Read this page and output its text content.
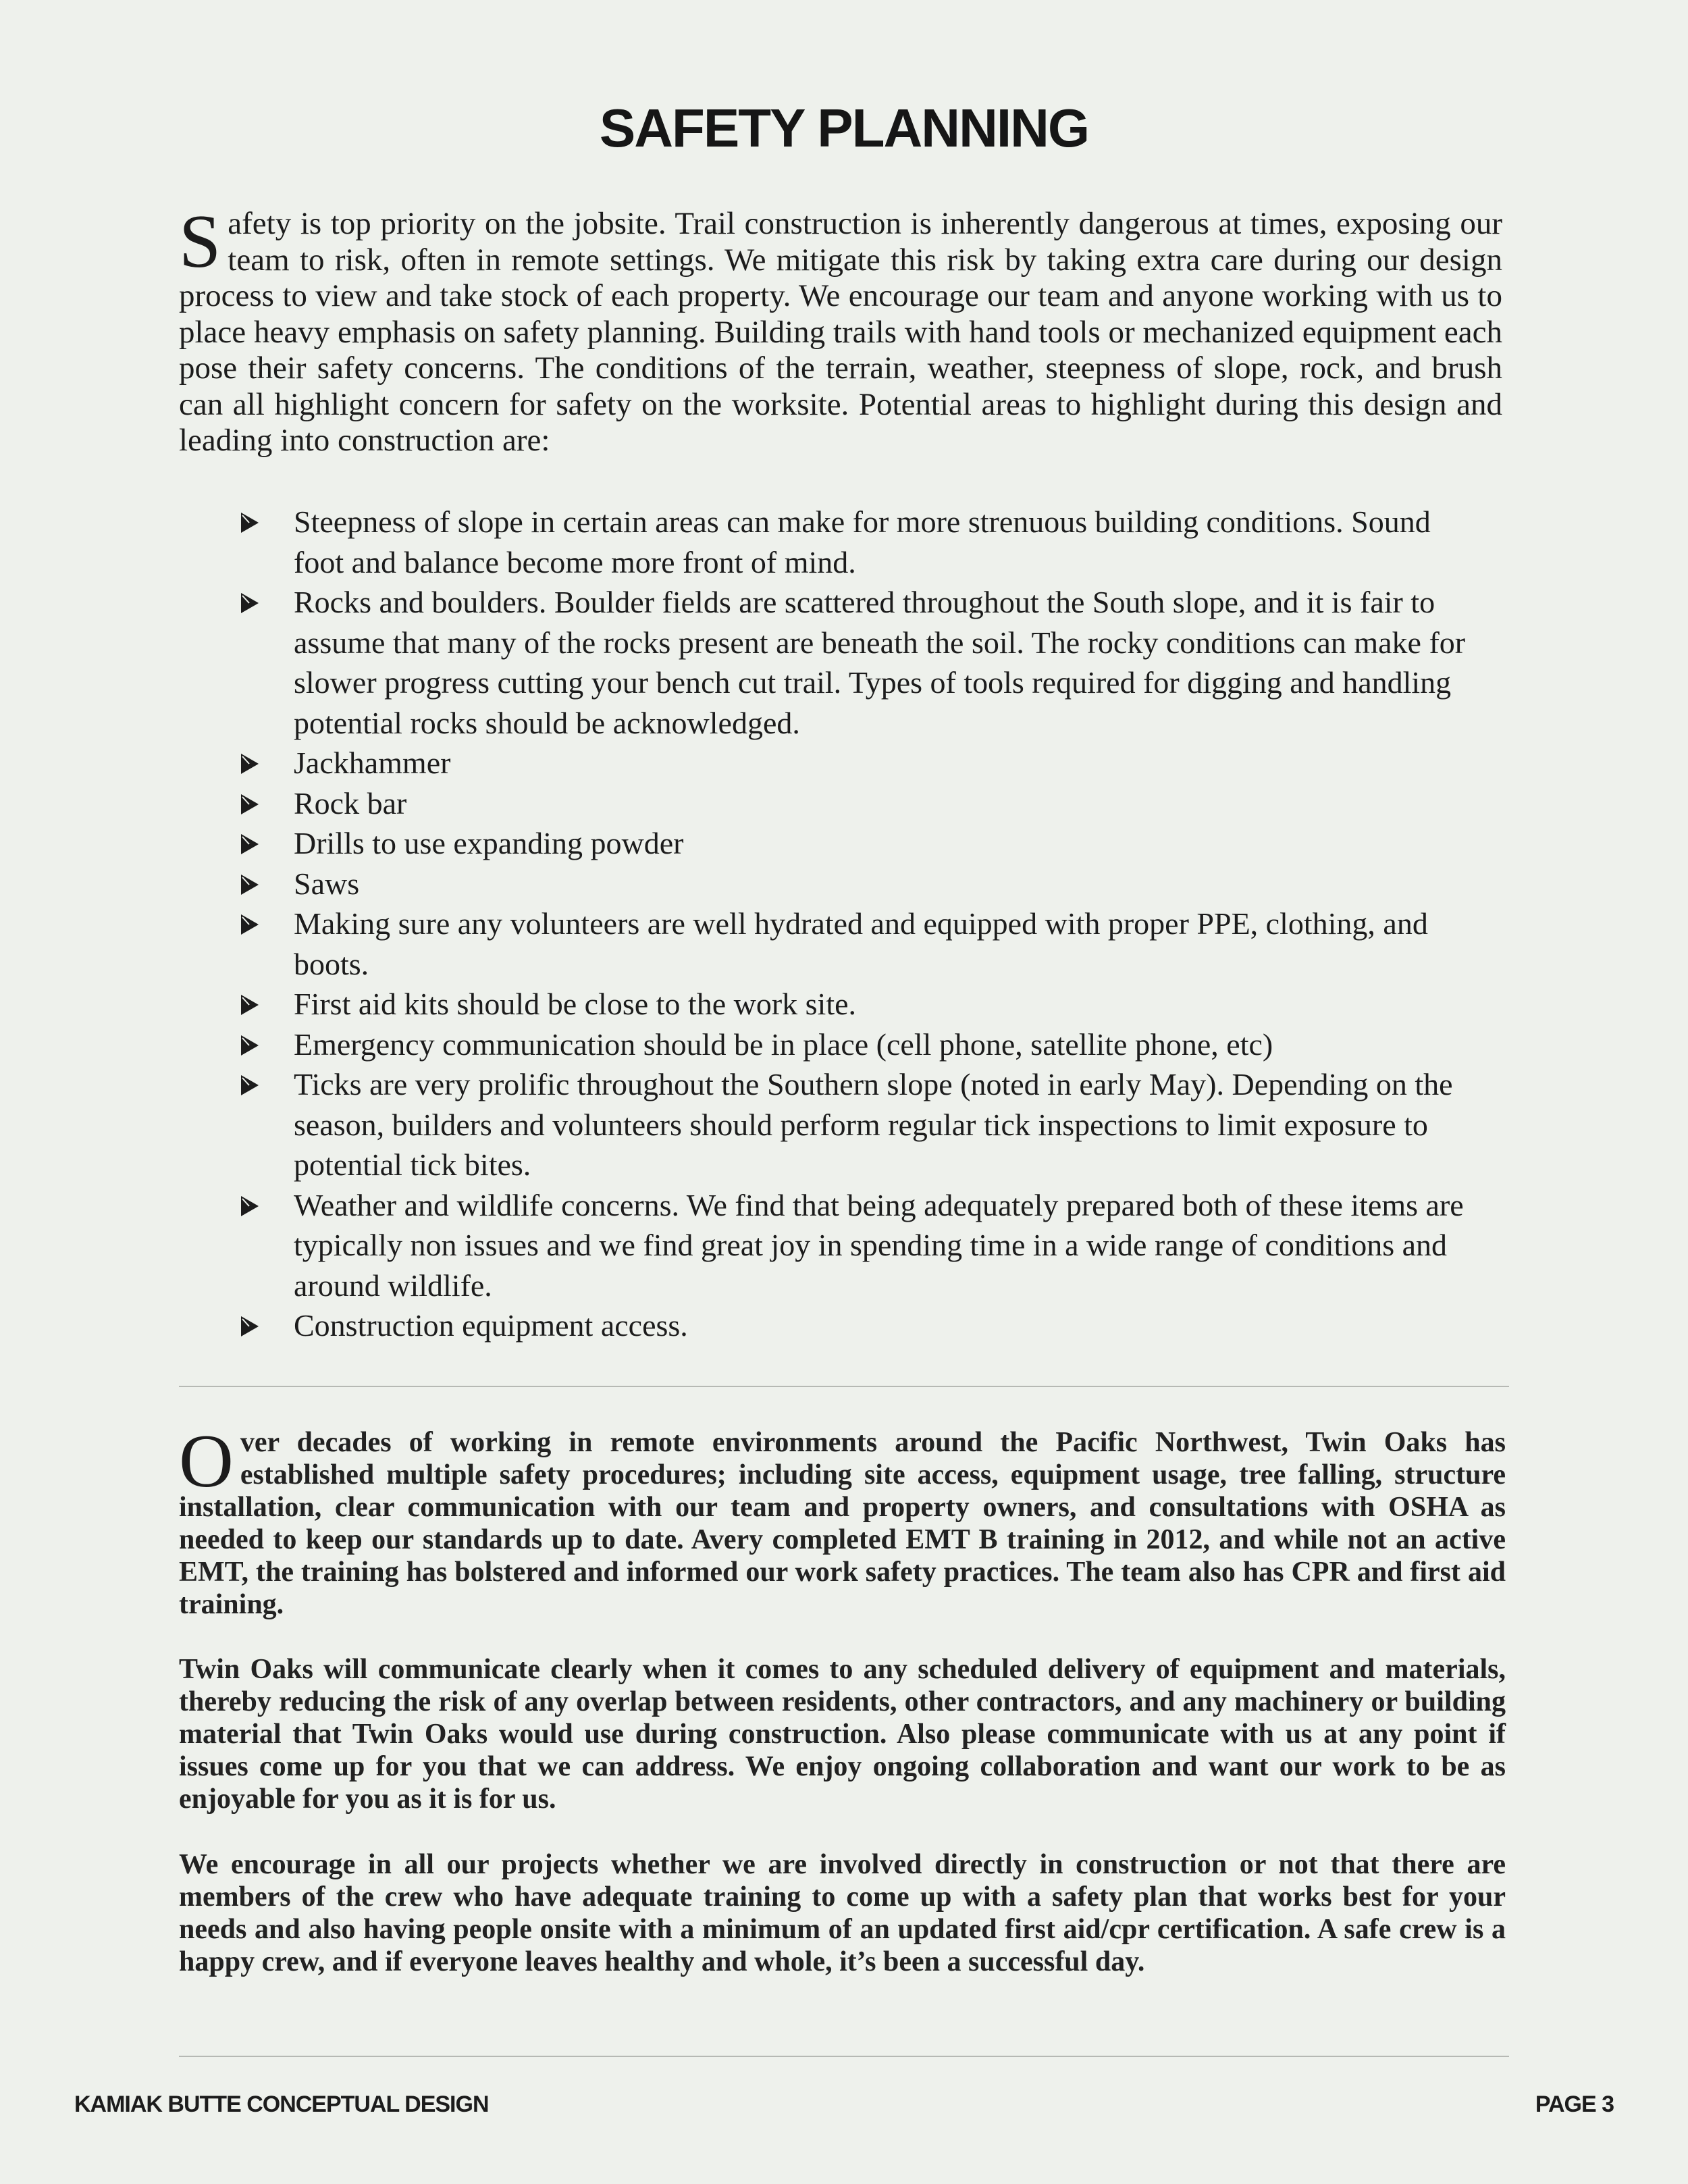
SAFETY PLANNING

Safety is top priority on the jobsite. Trail construction is inherently dangerous at times, exposing our team to risk, often in remote settings. We mitigate this risk by taking extra care during our design process to view and take stock of each property. We encourage our team and anyone working with us to place heavy emphasis on safety planning. Building trails with hand tools or mechanized equipment each pose their safety concerns. The conditions of the terrain, weather, steepness of slope, rock, and brush can all highlight concern for safety on the worksite. Potential areas to highlight during this design and leading into construction are:

Steepness of slope in certain areas can make for more strenuous building conditions. Sound foot and balance become more front of mind.
Rocks and boulders. Boulder fields are scattered throughout the South slope, and it is fair to assume that many of the rocks present are beneath the soil. The rocky conditions can make for slower progress cutting your bench cut trail. Types of tools required for digging and handling potential rocks should be acknowledged.
Jackhammer
Rock bar
Drills to use expanding powder
Saws
Making sure any volunteers are well hydrated and equipped with proper PPE, clothing, and boots.
First aid kits should be close to the work site.
Emergency communication should be in place (cell phone, satellite phone, etc)
Ticks are very prolific throughout the Southern slope (noted in early May). Depending on the season, builders and volunteers should perform regular tick inspections to limit exposure to potential tick bites.
Weather and wildlife concerns. We find that being adequately prepared both of these items are typically non issues and we find great joy in spending time in a wide range of conditions and around wildlife.
Construction equipment access.

Over decades of working in remote environments around the Pacific Northwest, Twin Oaks has established multiple safety procedures; including site access, equipment usage, tree falling, structure installation, clear communication with our team and property owners, and consultations with OSHA as needed to keep our standards up to date. Avery completed EMT B training in 2012, and while not an active EMT, the training has bolstered and informed our work safety practices. The team also has CPR and first aid training.

Twin Oaks will communicate clearly when it comes to any scheduled delivery of equipment and materials, thereby reducing the risk of any overlap between residents, other contractors, and any machinery or building material that Twin Oaks would use during construction. Also please communicate with us at any point if issues come up for you that we can address. We enjoy ongoing collaboration and want our work to be as enjoyable for you as it is for us.

We encourage in all our projects whether we are involved directly in construction or not that there are members of the crew who have adequate training to come up with a safety plan that works best for your needs and also having people onsite with a minimum of an updated first aid/cpr certification. A safe crew is a happy crew, and if everyone leaves healthy and whole, it’s been a successful day.

KAMIAK BUTTE CONCEPTUAL DESIGN	PAGE 3
